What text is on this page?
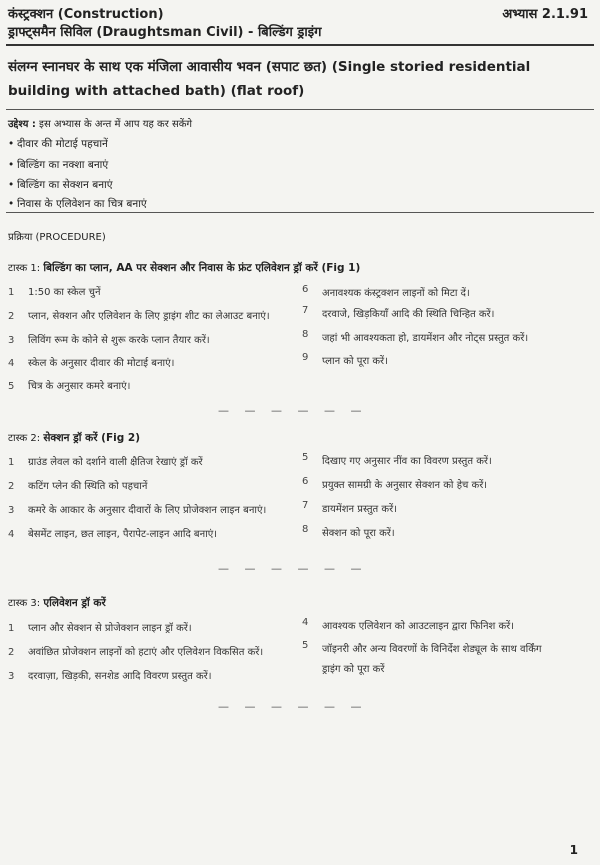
कंस्ट्रक्शन (Construction)
ड्राफ्ट्समैन सिविल (Draughtsman Civil) - बिल्डिंग ड्राइंग
अभ्यास 2.1.91
संलग्न स्नानघर के साथ एक मंजिला आवासीय भवन (सपाट छत) (Single storied residential building with attached bath) (flat roof)
उद्देश्य : इस अभ्यास के अन्त में आप यह कर सकेंगे
• दीवार की मोटाई पहचानें
• बिल्डिंग का नक्शा बनाएं
• बिल्डिंग का सेक्शन बनाएं
• निवास के एलिवेशन का चित्र बनाएं
प्रक्रिया (PROCEDURE)
टास्क 1: बिल्डिंग का प्लान, AA पर सेक्शन और निवास के फ्रंट एलिवेशन ड्रॉ करें (Fig 1)
1 1:50 का स्केल चुनें
2 प्लान, सेक्शन और एलिवेशन के लिए ड्राइंग शीट का लेआउट बनाएं।
3 लिविंग रूम के कोने से शुरू करके प्लान तैयार करें।
4 स्केल के अनुसार दीवार की मोटाई बनाएं।
5 चित्र के अनुसार कमरे बनाएं।
6 अनावश्यक कंस्ट्रक्शन लाइनों को मिटा दें।
7 दरवाजे, खिड़कियाँ आदि की स्थिति चिन्हित करें।
8 जहां भी आवश्यकता हो, डायमेंशन और नोट्स प्रस्तुत करें।
9 प्लान को पूरा करें।
— — — — — —
टास्क 2: सेक्शन ड्रॉ करें (Fig 2)
1 ग्राउंड लेवल को दर्शाने वाली क्षैतिज रेखाएं ड्रॉ करें
2 कटिंग प्लेन की स्थिति को पहचानें
3 कमरे के आकार के अनुसार दीवारों के लिए प्रोजेक्शन लाइन बनाएं।
4 बेसमेंट लाइन, छत लाइन, पैरापेट-लाइन आदि बनाएं।
5 दिखाए गए अनुसार नींव का विवरण प्रस्तुत करें।
6 प्रयुक्त सामग्री के अनुसार सेक्शन को हेच करें।
7 डायमेंशन प्रस्तुत करें।
8 सेक्शन को पूरा करें।
— — — — — —
टास्क 3: एलिवेशन ड्रॉ करें
1 प्लान और सेक्शन से प्रोजेक्शन लाइन ड्रॉ करें।
2 अवांछित प्रोजेक्शन लाइनों को हटाएं और एलिवेशन विकसित करें।
3 दरवाज़ा, खिड़की, सनशेड आदि विवरण प्रस्तुत करें।
4 आवश्यक एलिवेशन को आउटलाइन द्वारा फिनिश करें।
5 जॉइनरी और अन्य विवरणों के विनिर्देश शेड्यूल के साथ वर्किंग ड्राइंग को पूरा करें
— — — — — —
1
